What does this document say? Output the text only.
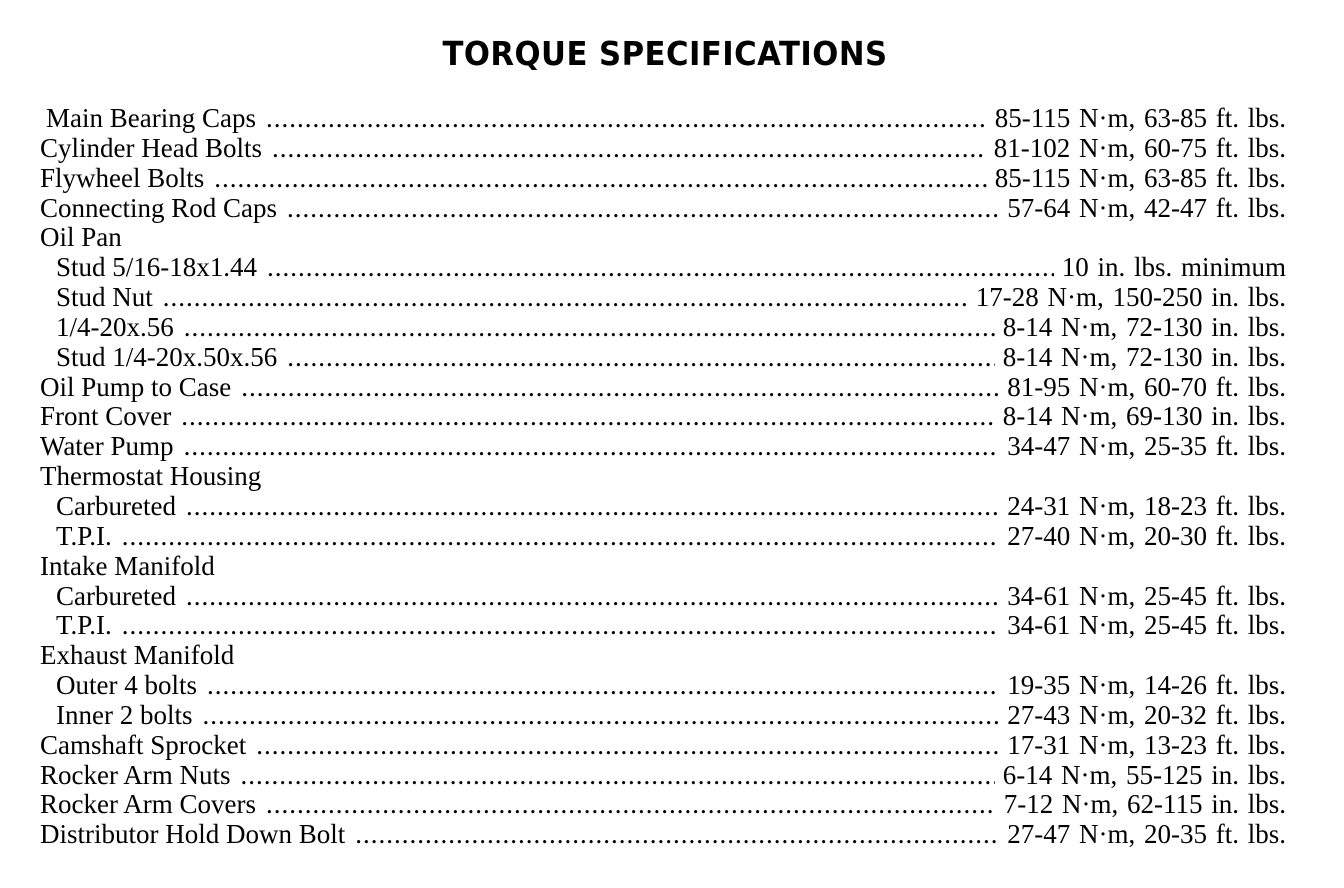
TORQUE SPECIFICATIONS
Main Bearing Caps .....	85-115 N·m, 63-85 ft. lbs.
Cylinder Head Bolts .....	81-102 N·m, 60-75 ft. lbs.
Flywheel Bolts .....	85-115 N·m, 63-85 ft. lbs.
Connecting Rod Caps .....	57-64 N·m, 42-47 ft. lbs.
Oil Pan
Stud 5/16-18x1.44 .....	10 in. lbs. minimum
Stud Nut .....	17-28 N·m, 150-250 in. lbs.
1/4-20x.56 .....	8-14 N·m, 72-130 in. lbs.
Stud 1/4-20x.50x.56 .....	8-14 N·m, 72-130 in. lbs.
Oil Pump to Case .....	81-95 N·m, 60-70 ft. lbs.
Front Cover .....	8-14 N·m, 69-130 in. lbs.
Water Pump .....	34-47 N·m, 25-35 ft. lbs.
Thermostat Housing
Carbureted .....	24-31 N·m, 18-23 ft. lbs.
T.P.I. .....	27-40 N·m, 20-30 ft. lbs.
Intake Manifold
Carbureted .....	34-61 N·m, 25-45 ft. lbs.
T.P.I. .....	34-61 N·m, 25-45 ft. lbs.
Exhaust Manifold
Outer 4 bolts .....	19-35 N·m, 14-26 ft. lbs.
Inner 2 bolts .....	27-43 N·m, 20-32 ft. lbs.
Camshaft Sprocket .....	17-31 N·m, 13-23 ft. lbs.
Rocker Arm Nuts .....	6-14 N·m, 55-125 in. lbs.
Rocker Arm Covers .....	7-12 N·m, 62-115 in. lbs.
Distributor Hold Down Bolt .....	27-47 N·m, 20-35 ft. lbs.
